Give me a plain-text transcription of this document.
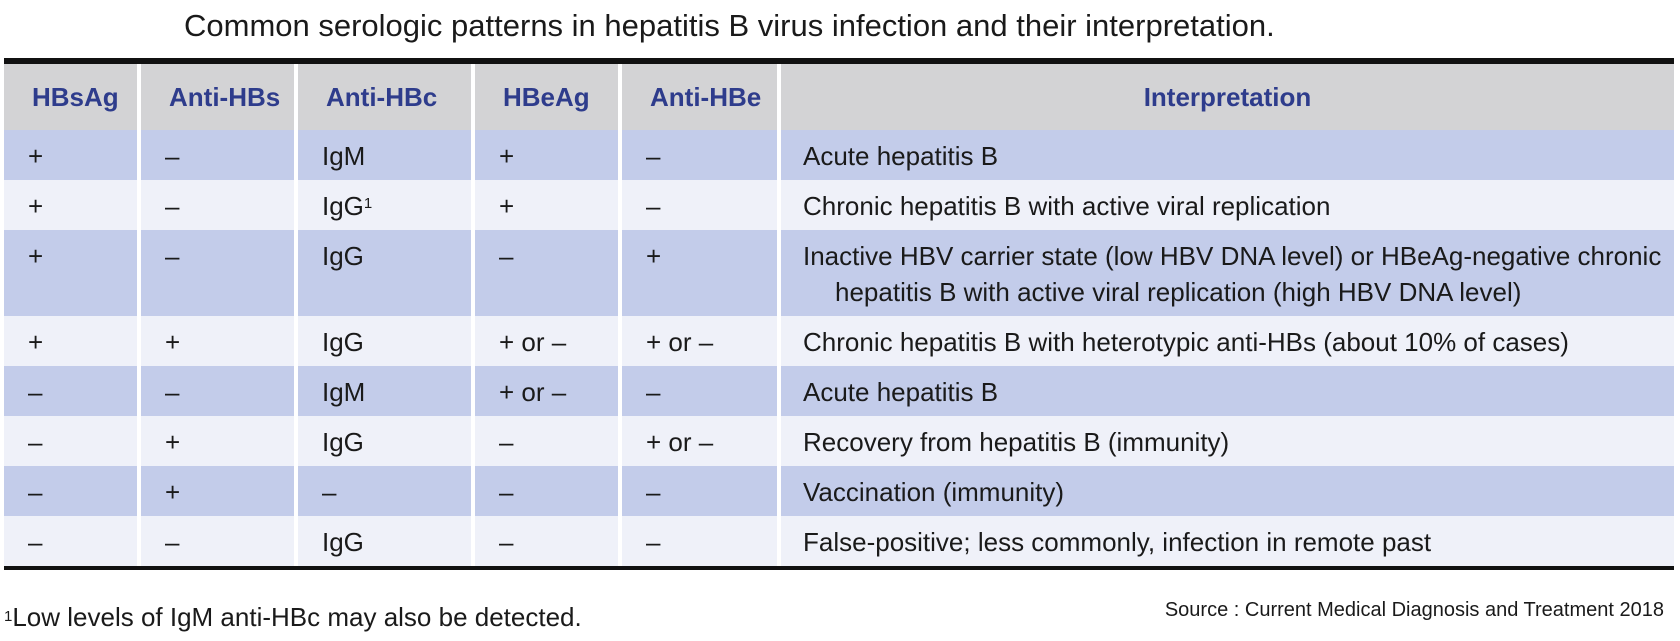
Common serologic patterns in hepatitis B virus infection and their interpretation.
HBsAg	Anti-HBs	Anti-HBc	HBeAg	Anti-HBe	Interpretation

+	–	IgM	+	–	Acute hepatitis B

+	–	IgG$^1$	+	–	Chronic hepatitis B with active viral replication

+	–	IgG	–	+	Inactive HBV carrier state (low HBV DNA level) or HBeAg-negative chronic
hepatitis B with active viral replication (high HBV DNA level)

+	+	IgG	+ or –	+ or –	Chronic hepatitis B with heterotypic anti-HBs (about 10% of cases)

–	–	IgM	+ or –	–	Acute hepatitis B

–	+	IgG	–	+ or –	Recovery from hepatitis B (immunity)

–	+	–	–	–	Vaccination (immunity)

–	–	IgG	–	–	False-positive; less commonly, infection in remote past
$^1$Low levels of IgM anti-HBc may also be detected.	Source : Current Medical Diagnosis and Treatment 2018
